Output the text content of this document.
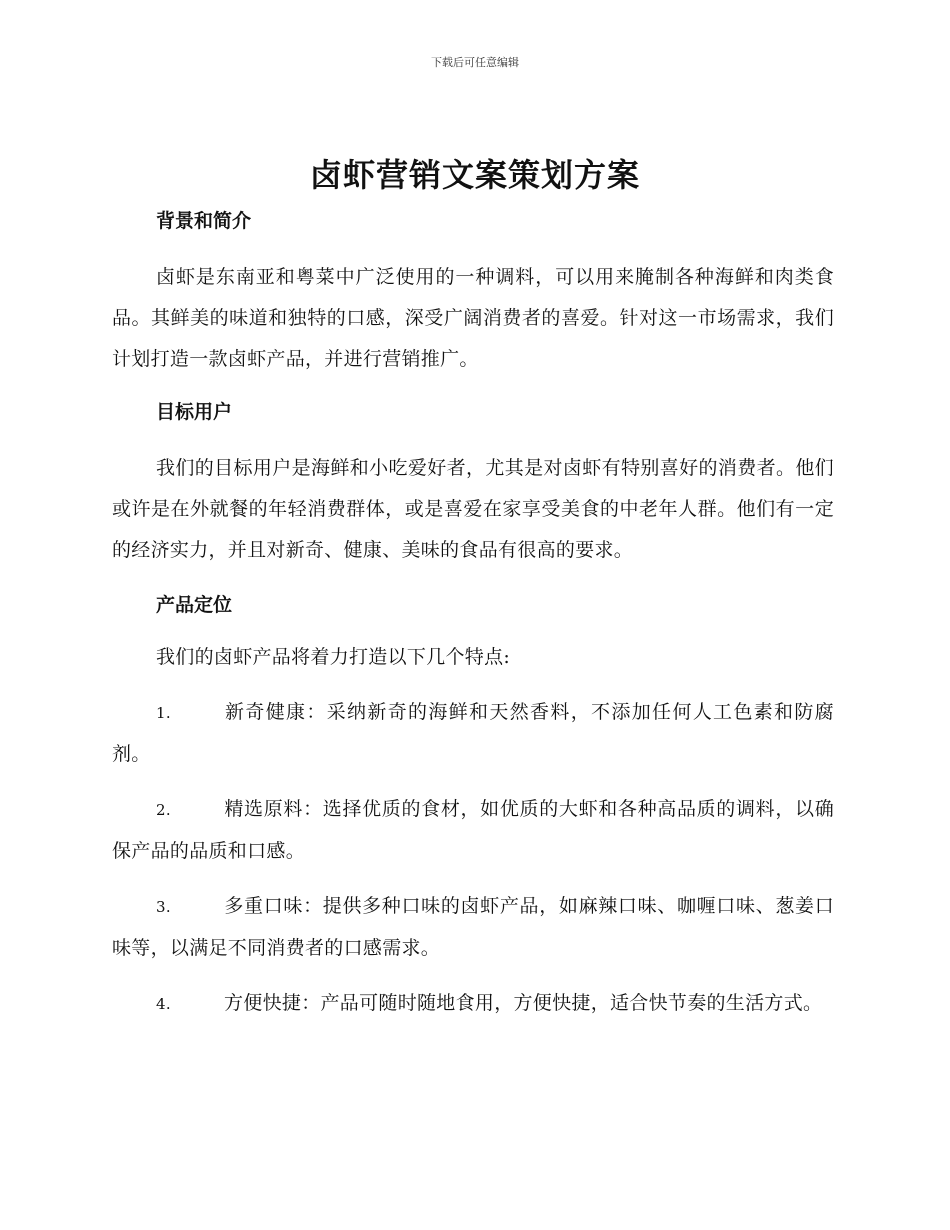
下载后可任意编辑
卤虾营销文案策划方案
背景和简介

卤虾是东南亚和粤菜中广泛使用的一种调料，可以用来腌制各种海鲜和肉类食品。其鲜美的味道和独特的口感，深受广阔消费者的喜爱。针对这一市场需求，我们计划打造一款卤虾产品，并进行营销推广。

目标用户

我们的目标用户是海鲜和小吃爱好者，尤其是对卤虾有特别喜好的消费者。他们或许是在外就餐的年轻消费群体，或是喜爱在家享受美食的中老年人群。他们有一定的经济实力，并且对新奇、健康、美味的食品有很高的要求。

产品定位

我们的卤虾产品将着力打造以下几个特点:

1.	新奇健康：采纳新奇的海鲜和天然香料，不添加任何人工色素和防腐剂。

2.	精选原料：选择优质的食材，如优质的大虾和各种高品质的调料，以确保产品的品质和口感。

3.	多重口味：提供多种口味的卤虾产品，如麻辣口味、咖喱口味、葱姜口味等，以满足不同消费者的口感需求。

4.	方便快捷：产品可随时随地食用，方便快捷，适合快节奏的生活方式。
